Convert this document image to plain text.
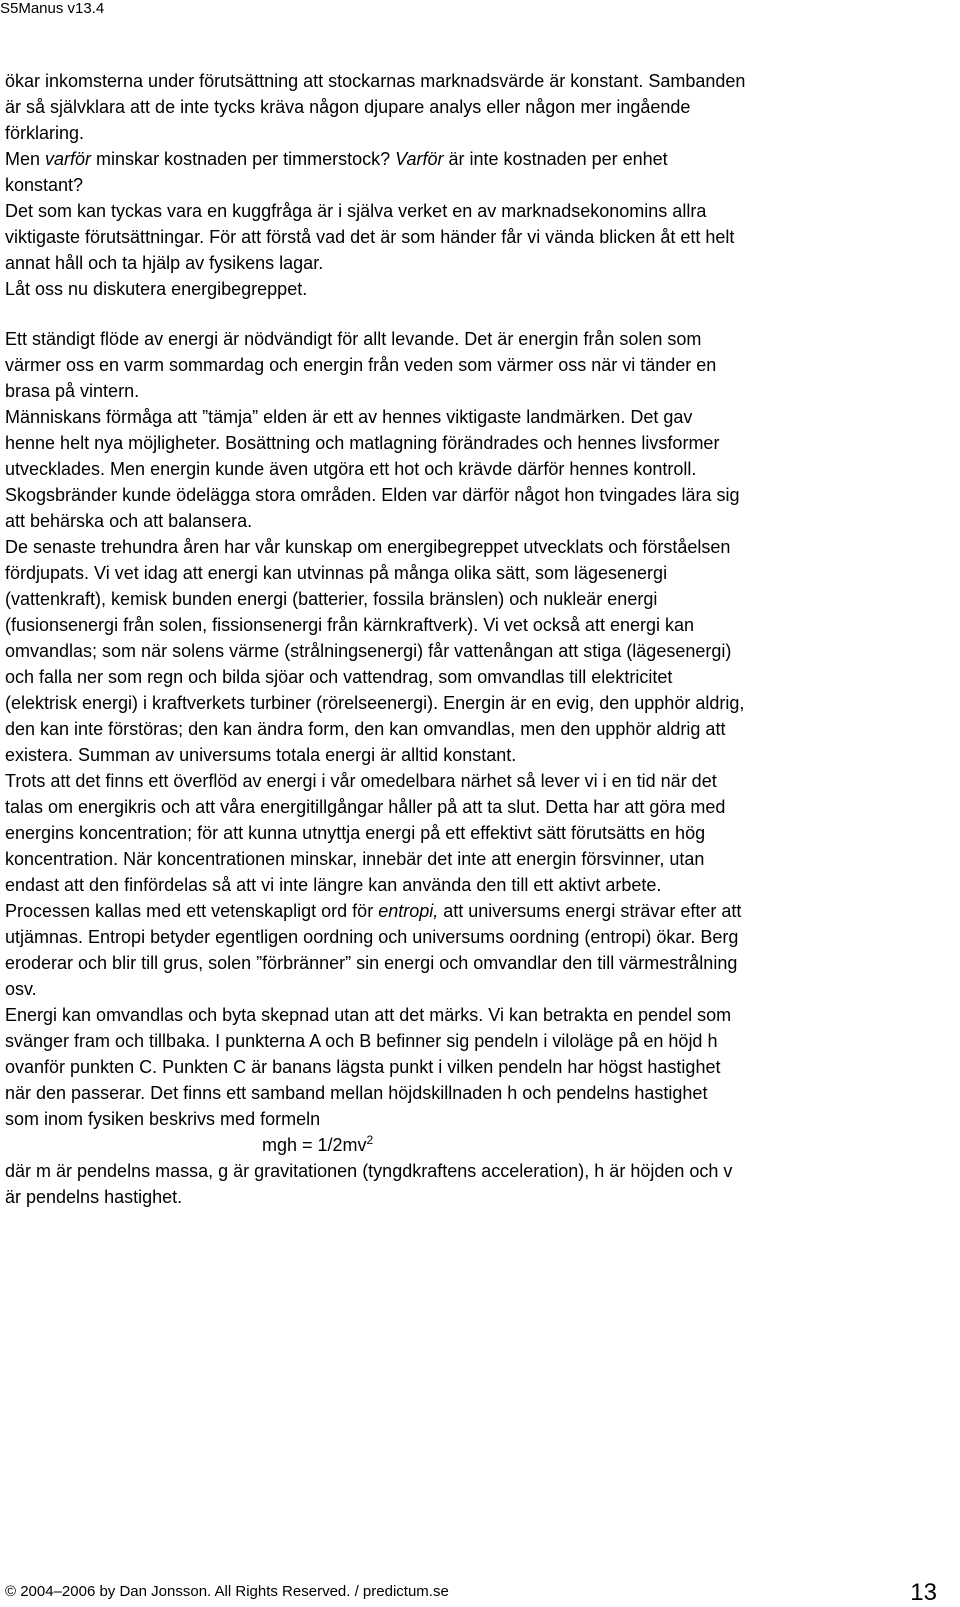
S5Manus v13.4

ökar inkomsterna under förutsättning att stockarnas marknadsvärde är konstant. Sambanden

är så självklara att de inte tycks kräva någon djupare analys eller någon mer ingående

förklaring.

Men varför minskar kostnaden per timmerstock? Varför är inte kostnaden per enhet

konstant?

Det som kan tyckas vara en kuggfråga är i själva verket en av marknadsekonomins allra

viktigaste förutsättningar. För att förstå vad det är som händer får vi vända blicken åt ett helt

annat håll och ta hjälp av fysikens lagar.

Låt oss nu diskutera energibegreppet.

Ett ständigt flöde av energi är nödvändigt för allt levande. Det är energin från solen som

värmer oss en varm sommardag och energin från veden som värmer oss när vi tänder en

brasa på vintern.

Människans förmåga att ”tämja” elden är ett av hennes viktigaste landmärken. Det gav

henne helt nya möjligheter. Bosättning och matlagning förändrades och hennes livsformer

utvecklades. Men energin kunde även utgöra ett hot och krävde därför hennes kontroll.

Skogsbränder kunde ödelägga stora områden. Elden var därför något hon tvingades lära sig

att behärska och att balansera.

De senaste trehundra åren har vår kunskap om energibegreppet utvecklats och förståelsen

fördjupats. Vi vet idag att energi kan utvinnas på många olika sätt, som lägesenergi

(vattenkraft), kemisk bunden energi (batterier, fossila bränslen) och nukleär energi

(fusionsenergi från solen, fissionsenergi från kärnkraftverk). Vi vet också att energi kan

omvandlas; som när solens värme (strålningsenergi) får vattenångan att stiga (lägesenergi)

och falla ner som regn och bilda sjöar och vattendrag, som omvandlas till elektricitet

(elektrisk energi) i kraftverkets turbiner (rörelseenergi). Energin är en evig, den upphör aldrig,

den kan inte förstöras; den kan ändra form, den kan omvandlas, men den upphör aldrig att

existera. Summan av universums totala energi är alltid konstant.

Trots att det finns ett överflöd av energi i vår omedelbara närhet så lever vi i en tid när det

talas om energikris och att våra energitillgångar håller på att ta slut. Detta har att göra med

energins koncentration; för att kunna utnyttja energi på ett effektivt sätt förutsätts en hög

koncentration. När koncentrationen minskar, innebär det inte att energin försvinner, utan

endast att den finfördelas så att vi inte längre kan använda den till ett aktivt arbete.

Processen kallas med ett vetenskapligt ord för entropi, att universums energi strävar efter att

utjämnas. Entropi betyder egentligen oordning och universums oordning (entropi) ökar. Berg

eroderar och blir till grus, solen ”förbränner” sin energi och omvandlar den till värmestrålning

osv.

Energi kan omvandlas och byta skepnad utan att det märks. Vi kan betrakta en pendel som

svänger fram och tillbaka. I punkterna A och B befinner sig pendeln i viloläge på en höjd h

ovanför punkten C. Punkten C är banans lägsta punkt i vilken pendeln har högst hastighet

när den passerar. Det finns ett samband mellan höjdskillnaden h och pendelns hastighet

som inom fysiken beskrivs med formeln

mgh = $1/2mv^2$

där m är pendelns massa, g är gravitationen (tyngdkraftens acceleration), h är höjden och v

är pendelns hastighet.

© 2004–2006 by Dan Jonsson. All Rights Reserved. / predictum.se	13
